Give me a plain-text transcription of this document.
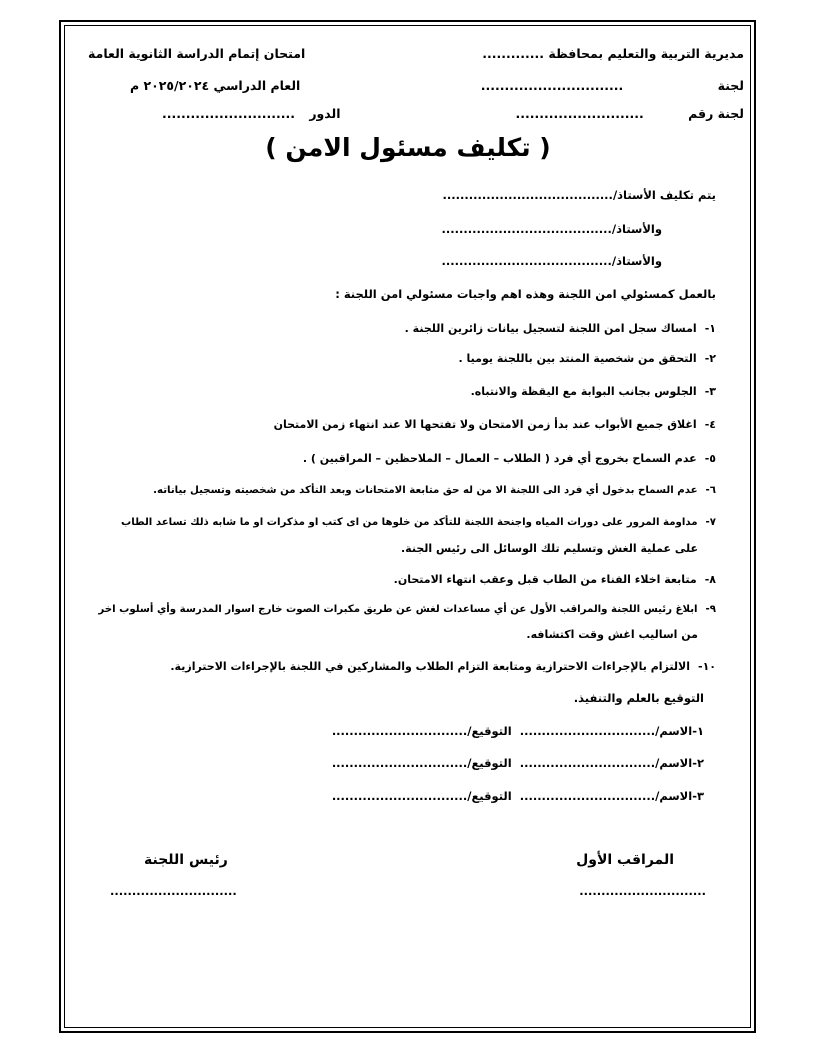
مديرية التربية والتعليم بمحافظة .............
لجنة ..............................
لجنة رقم ...........................
امتحان إتمام الدراسة الثانوية العامة
العام الدراسي ٢٠٢٥/٢٠٢٤ م
الدور ............................
( تكليف مسئول الامن )
يتم تكليف الأستاذ/.......................................
والأستاذ/.......................................
والأستاذ/.......................................
بالعمل كمسئولي امن اللجنة وهذه اهم واجبات مسئولي امن اللجنة :
١-امساك سجل امن اللجنة لتسجيل بيانات زائرين اللجنة .
٢-التحقق من شخصية المنتد بين باللجنة يوميا .
٣-الجلوس بجانب البوابة مع اليقظة والانتباه.
٤-اغلاق جميع الأبواب عند بدأ زمن الامتحان ولا تفتحها الا عند انتهاء زمن الامتحان
٥-عدم السماح بخروج أي فرد ( الطلاب – العمال – الملاحظين – المراقبين ) .
٦-عدم السماح بدخول أي فرد الى اللجنة الا من له حق متابعة الامتحانات وبعد التأكد من شخصيته وتسجيل بياناته.
٧-مداومة المرور على دورات المياه واجنحة اللجنة للتأكد من خلوها من اى كتب او مذكرات او ما شابه ذلك تساعد الطاب
على عملية الغش وتسليم تلك الوسائل الى رئيس الجنة.
٨-متابعة اخلاء الفناء من الطاب قبل وعقب انتهاء الامتحان.
٩-ابلاغ رئيس اللجنة والمراقب الأول عن أي مساعدات لغش عن طريق مكبرات الصوت خارج اسوار المدرسة وأي أسلوب اخر
من اساليب اغش وقت اكتشافه.
١٠-الالتزام بالإجراءات الاحترازية ومتابعة التزام الطلاب والمشاركين في اللجنة بالإجراءات الاحترازية.
التوقيع بالعلم والتنفيذ.
١-الاسم/............................... التوقيع/...............................
٢-الاسم/............................... التوقيع/...............................
٣-الاسم/............................... التوقيع/...............................
المراقب الأول
.............................
رئيس اللجنة
.............................
